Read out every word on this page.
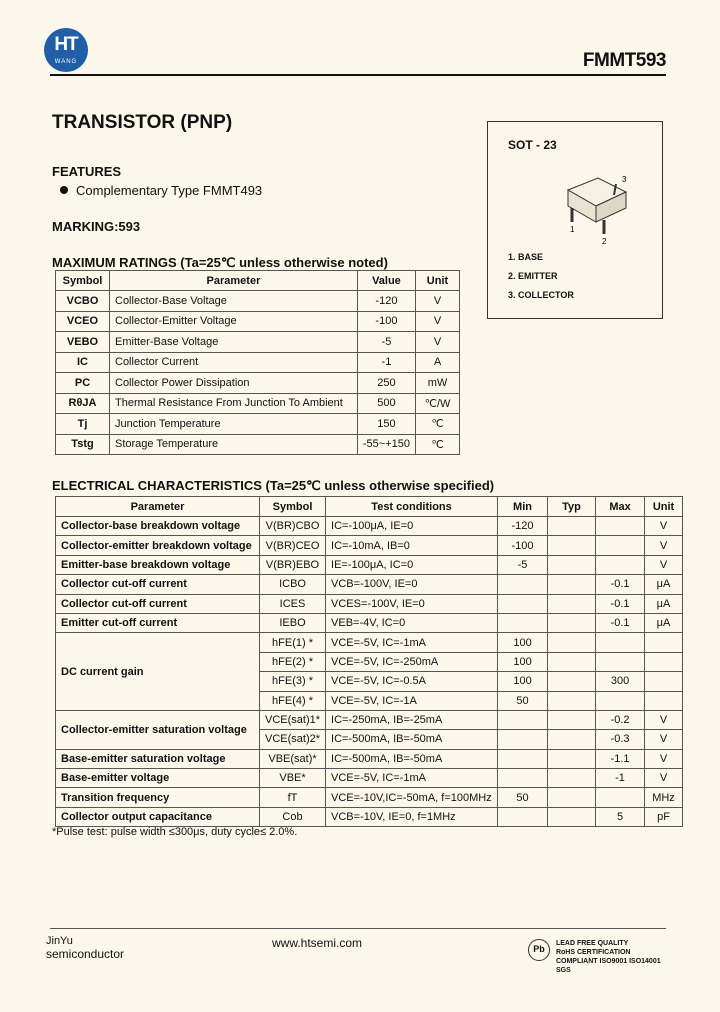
HT
WANG	FMMT593
TRANSISTOR (PNP)
FEATURES
Complementary Type FMMT493
MARKING:593
SOT - 23
3
1
2
1. BASE
2. EMITTER
3. COLLECTOR
MAXIMUM RATINGS (Ta=25℃ unless otherwise noted)
Symbol	Parameter	Value	Unit
VCBO	Collector-Base Voltage	-120	V
VCEO	Collector-Emitter Voltage	-100	V
VEBO	Emitter-Base Voltage	-5	V
IC	Collector Current	-1	A
PC	Collector Power Dissipation	250	mW
RθJA	Thermal Resistance From Junction To Ambient	500	℃/W
Tj	Junction Temperature	150	℃
Tstg	Storage Temperature	-55~+150	℃
ELECTRICAL CHARACTERISTICS (Ta=25℃ unless otherwise specified)
Parameter	Symbol	Test conditions	Min	Typ	Max	Unit
Collector-base breakdown voltage	V(BR)CBO	IC=-100μA, IE=0	-120			V
Collector-emitter breakdown voltage	V(BR)CEO	IC=-10mA, IB=0	-100			V
Emitter-base breakdown voltage	V(BR)EBO	IE=-100μA, IC=0	-5			V
Collector cut-off current	ICBO	VCB=-100V, IE=0			-0.1	μA
Collector cut-off current	ICES	VCES=-100V, IE=0			-0.1	μA
Emitter cut-off current	IEBO	VEB=-4V, IC=0			-0.1	μA
DC current gain	hFE(1) *	VCE=-5V, IC=-1mA	100			
	hFE(2) *	VCE=-5V, IC=-250mA	100			
	hFE(3) *	VCE=-5V, IC=-0.5A	100		300	
	hFE(4) *	VCE=-5V, IC=-1A	50			
Collector-emitter saturation voltage	VCE(sat)1*	IC=-250mA, IB=-25mA			-0.2	V
	VCE(sat)2*	IC=-500mA, IB=-50mA			-0.3	V
Base-emitter saturation voltage	VBE(sat)*	IC=-500mA, IB=-50mA			-1.1	V
Base-emitter voltage	VBE*	VCE=-5V, IC=-1mA			-1	V
Transition frequency	fT	VCE=-10V,IC=-50mA, f=100MHz	50			MHz
Collector output capacitance	Cob	VCB=-10V, IE=0, f=1MHz			5	pF
*Pulse test: pulse width ≤300μs, duty cycle≤ 2.0%.
JinYu
semiconductor
www.htsemi.com	Pb LEAD FREE QUALITY
RoHS CERTIFICATION
COMPLIANT ISO9001 ISO14001
SGS
